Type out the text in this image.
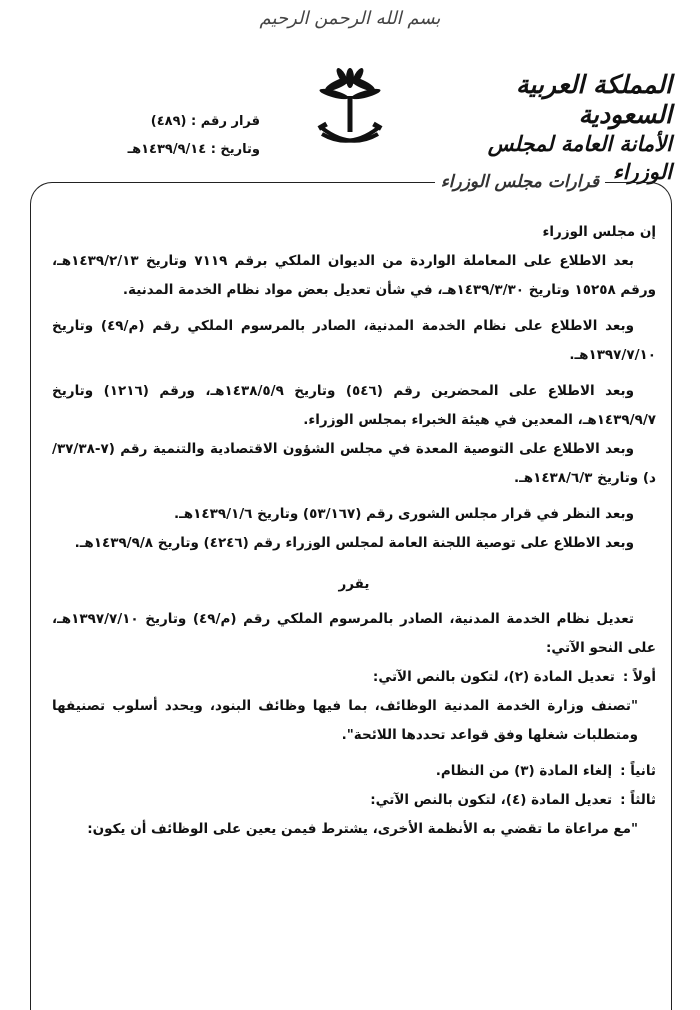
بسم الله الرحمن الرحيم
المملكة العربية السعودية
الأمانة العامة لمجلس الوزراء
قرار رقم : (٤٨٩)
وتاريخ : ١٤٣٩/٩/١٤هـ
قرارات مجلس الوزراء

إن مجلس الوزراء

بعد الاطلاع على المعاملة الواردة من الديوان الملكي برقم ٧١١٩ وتاريخ ١٤٣٩/٢/١٣هـ، ورقم ١٥٢٥٨ وتاريخ ١٤٣٩/٣/٣٠هـ، في شأن تعديل بعض مواد نظام الخدمة المدنية.

وبعد الاطلاع على نظام الخدمة المدنية، الصادر بالمرسوم الملكي رقم (م/٤٩) وتاريخ ١٣٩٧/٧/١٠هـ.

وبعد الاطلاع على المحضرين رقم (٥٤٦) وتاريخ ١٤٣٨/٥/٩هـ، ورقم (١٢١٦) وتاريخ ١٤٣٩/٩/٧هـ، المعدين في هيئة الخبراء بمجلس الوزراء.

وبعد الاطلاع على التوصية المعدة في مجلس الشؤون الاقتصادية والتنمية رقم (٧-٣٧/٣٨/د) وتاريخ ١٤٣٨/٦/٣هـ.

وبعد النظر في قرار مجلس الشورى رقم (٥٣/١٦٧) وتاريخ ١٤٣٩/١/٦هـ.

وبعد الاطلاع على توصية اللجنة العامة لمجلس الوزراء رقم (٤٢٤٦) وتاريخ ١٤٣٩/٩/٨هـ.

يقرر

تعديل نظام الخدمة المدنية، الصادر بالمرسوم الملكي رقم (م/٤٩) وتاريخ ١٣٩٧/٧/١٠هـ، على النحو الآتي:

أولاً :
تعديل المادة (٢)، لتكون بالنص الآتي:

"تصنف وزارة الخدمة المدنية الوظائف، بما فيها وظائف البنود، ويحدد أسلوب تصنيفها ومتطلبات شغلها وفق قواعد تحددها اللائحة".

ثانياً :
إلغاء المادة (٣) من النظام.
ثالثاً :
تعديل المادة (٤)، لتكون بالنص الآتي:

"مع مراعاة ما تقضي به الأنظمة الأخرى، يشترط فيمن يعين على الوظائف أن يكون:
